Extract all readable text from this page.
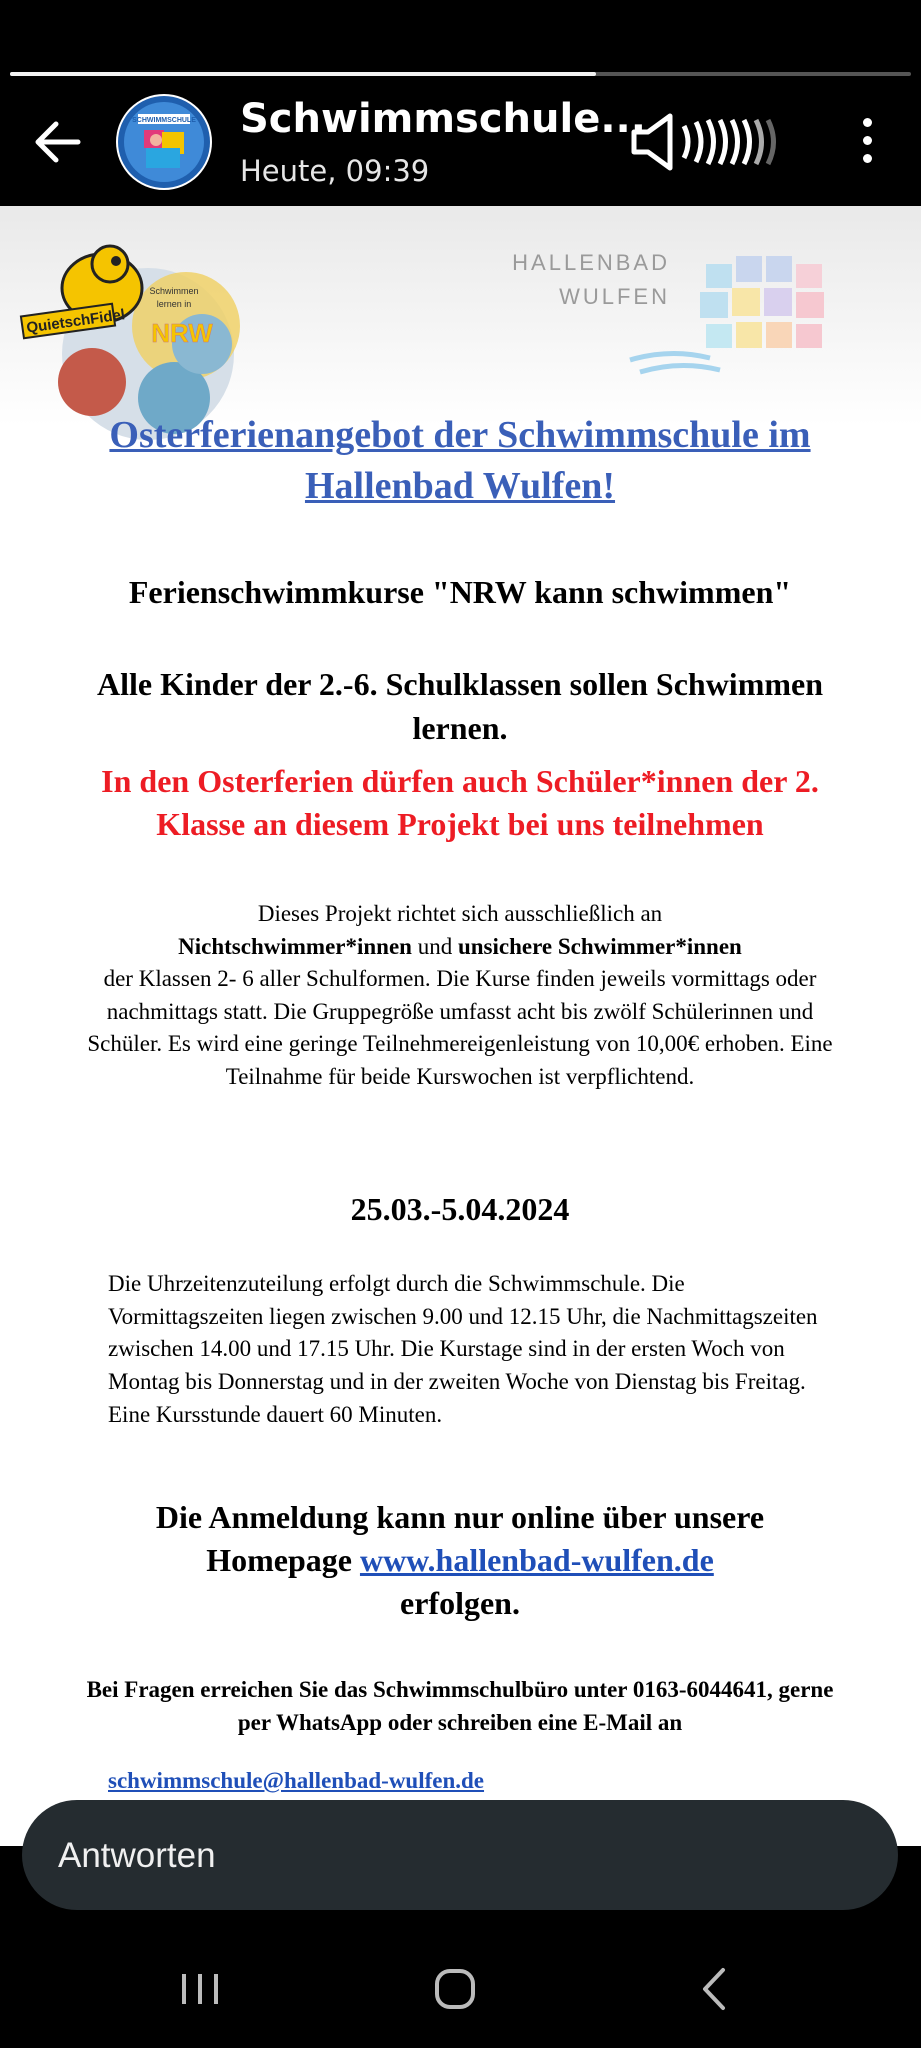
SCHWIMMSCHULE Schwimmschule...
Heute, 09:39
QuietschFidel
Schwimmen
lernen in
NRW
HALLENBAD
WULFEN
Osterferienangebot der Schwimmschule im Hallenbad Wulfen!
Ferienschwimmkurse "NRW kann schwimmen"
Alle Kinder der 2.-6. Schulklassen sollen Schwimmen lernen.
In den Osterferien dürfen auch Schüler*innen der 2. Klasse an diesem Projekt bei uns teilnehmen
Dieses Projekt richtet sich ausschließlich an
Nichtschwimmer*innen und unsichere Schwimmer*innen
der Klassen 2- 6 aller Schulformen. Die Kurse finden jeweils vormittags oder nachmittags statt. Die Gruppegröße umfasst acht bis zwölf Schülerinnen und Schüler. Es wird eine geringe Teilnehmereigenleistung von 10,00€ erhoben. Eine Teilnahme für beide Kurswochen ist verpflichtend.
25.03.-5.04.2024
Die Uhrzeitenzuteilung erfolgt durch die Schwimmschule. Die Vormittagszeiten liegen zwischen 9.00 und 12.15 Uhr, die Nachmittagszeiten zwischen 14.00 und 17.15 Uhr. Die Kurstage sind in der ersten Woch von Montag bis Donnerstag und in der zweiten Woche von Dienstag bis Freitag. Eine Kursstunde dauert 60 Minuten.
Die Anmeldung kann nur online über unsere Homepage www.hallenbad-wulfen.de
erfolgen.
Bei Fragen erreichen Sie das Schwimmschulbüro unter 0163-6044641, gerne per WhatsApp oder schreiben eine E-Mail an
schwimmschule@hallenbad-wulfen.de
Antworten
